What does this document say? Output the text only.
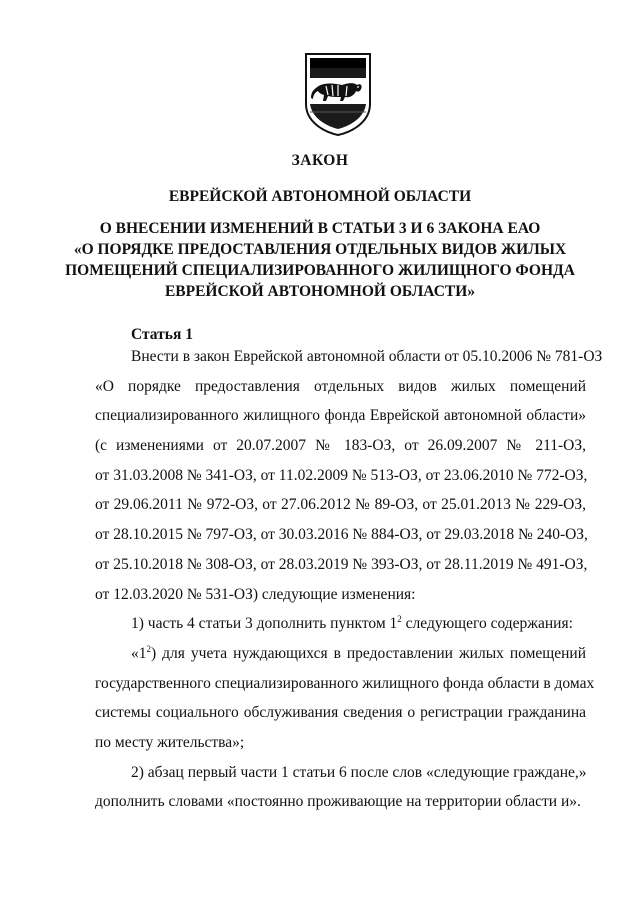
ЗАКОН
ЕВРЕЙСКОЙ АВТОНОМНОЙ ОБЛАСТИ
О ВНЕСЕНИИ ИЗМЕНЕНИЙ В СТАТЬИ 3 И 6 ЗАКОНА ЕАО
«О ПОРЯДКЕ ПРЕДОСТАВЛЕНИЯ ОТДЕЛЬНЫХ ВИДОВ ЖИЛЫХ
ПОМЕЩЕНИЙ СПЕЦИАЛИЗИРОВАННОГО ЖИЛИЩНОГО ФОНДА
ЕВРЕЙСКОЙ АВТОНОМНОЙ ОБЛАСТИ»
Статья 1
Внести в закон Еврейской автономной области от 05.10.2006 № 781-ОЗ
«О порядке предоставления отдельных видов жилых помещений
специализированного жилищного фонда Еврейской автономной области»
(с изменениями от 20.07.2007 № 183-ОЗ, от 26.09.2007 № 211-ОЗ,
от 31.03.2008 № 341-ОЗ, от 11.02.2009 № 513-ОЗ, от 23.06.2010 № 772-ОЗ,
от 29.06.2011 № 972-ОЗ, от 27.06.2012 № 89-ОЗ, от 25.01.2013 № 229-ОЗ,
от 28.10.2015 № 797-ОЗ, от 30.03.2016 № 884-ОЗ, от 29.03.2018 № 240-ОЗ,
от 25.10.2018 № 308-ОЗ, от 28.03.2019 № 393-ОЗ, от 28.11.2019 № 491-ОЗ,
от 12.03.2020 № 531-ОЗ) следующие изменения:
1) часть 4 статьи 3 дополнить пунктом $1^2$ следующего содержания:
«$1^2$) для учета нуждающихся в предоставлении жилых помещений
государственного специализированного жилищного фонда области в домах
системы социального обслуживания сведения о регистрации гражданина
по месту жительства»;
2) абзац первый части 1 статьи 6 после слов «следующие граждане,»
дополнить словами «постоянно проживающие на территории области и».
